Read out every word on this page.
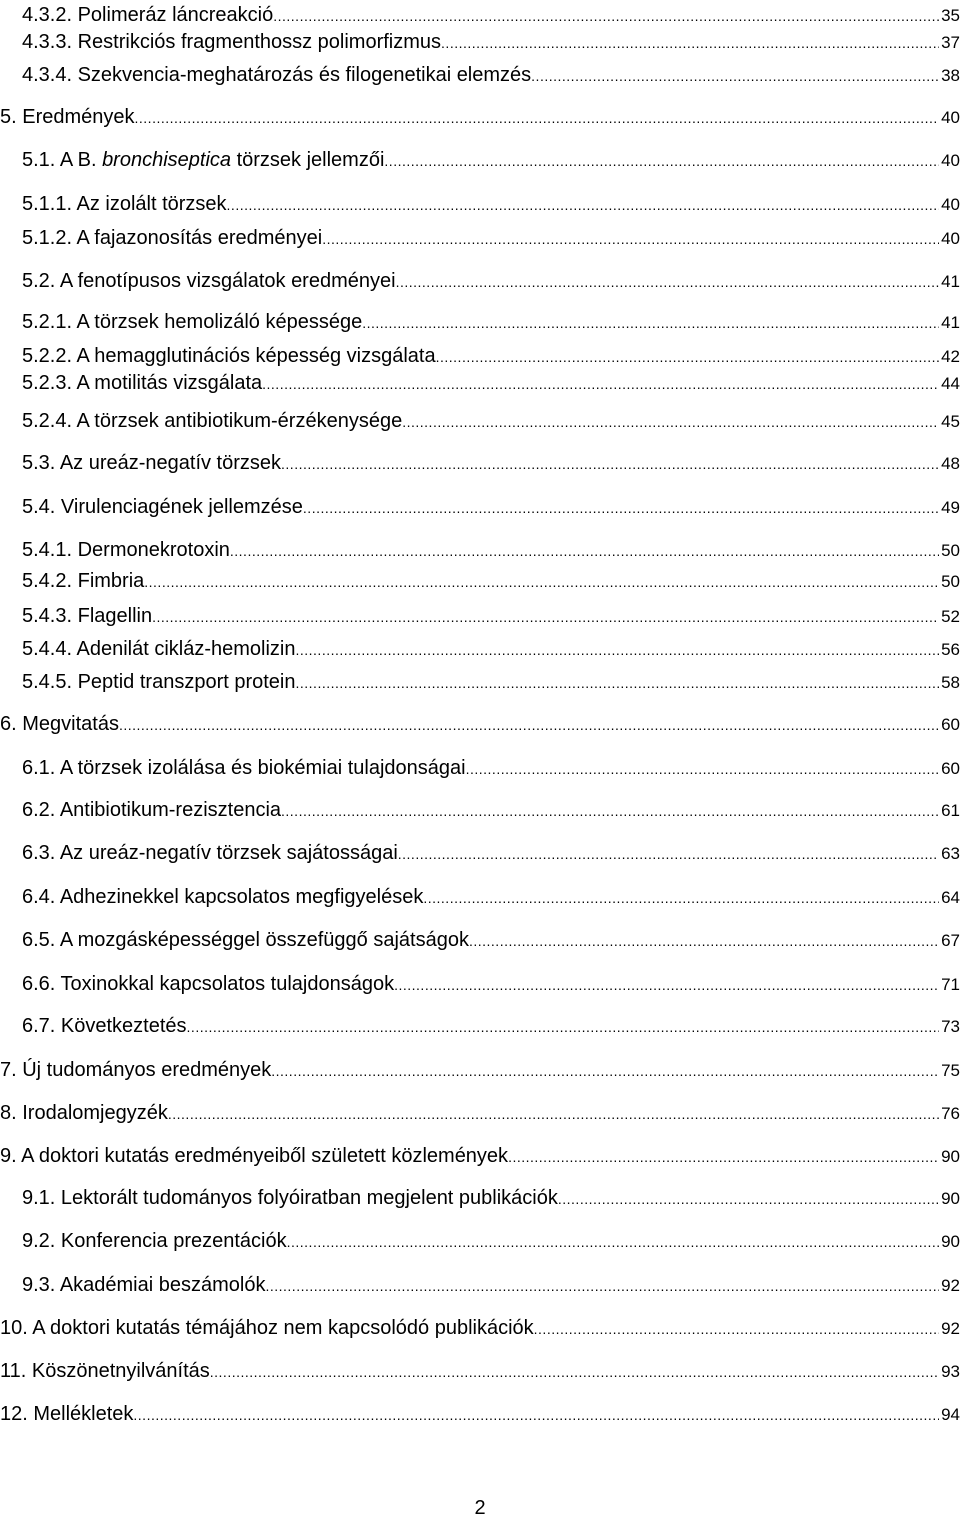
4.3.2. Polimeráz láncreakció .....	35
4.3.3. Restrikciós fragmenthossz polimorfizmus .....	37
4.3.4. Szekvencia-meghatározás és filogenetikai elemzés .....	38
5. Eredmények .....	40
5.1. A B. bronchiseptica törzsek jellemzői .....	40
5.1.1. Az izolált törzsek .....	40
5.1.2. A fajazonosítás eredményei .....	40
5.2. A fenotípusos vizsgálatok eredményei .....	41
5.2.1. A törzsek hemolizáló képessége .....	41
5.2.2. A hemagglutinációs képesség vizsgálata .....	42
5.2.3. A motilitás vizsgálata .....	44
5.2.4. A törzsek antibiotikum-érzékenysége .....	45
5.3. Az ureáz-negatív törzsek .....	48
5.4. Virulenciagének jellemzése .....	49
5.4.1. Dermonekrotoxin .....	50
5.4.2. Fimbria .....	50
5.4.3. Flagellin .....	52
5.4.4. Adenilát cikláz-hemolizin .....	56
5.4.5. Peptid transzport protein .....	58
6. Megvitatás .....	60
6.1. A törzsek izolálása és biokémiai tulajdonságai .....	60
6.2. Antibiotikum-rezisztencia .....	61
6.3. Az ureáz-negatív törzsek sajátosságai .....	63
6.4. Adhezinekkel kapcsolatos megfigyelések .....	64
6.5. A mozgásképességgel összefüggő sajátságok .....	67
6.6. Toxinokkal kapcsolatos tulajdonságok .....	71
6.7. Következtetés .....	73
7. Új tudományos eredmények .....	75
8. Irodalomjegyzék .....	76
9. A doktori kutatás eredményeiből született közlemények .....	90
9.1. Lektorált tudományos folyóiratban megjelent publikációk .....	90
9.2. Konferencia prezentációk .....	90
9.3. Akadémiai beszámolók .....	92
10. A doktori kutatás témájához nem kapcsolódó publikációk .....	92
11. Köszönetnyilvánítás .....	93
12. Mellékletek .....	94
2
